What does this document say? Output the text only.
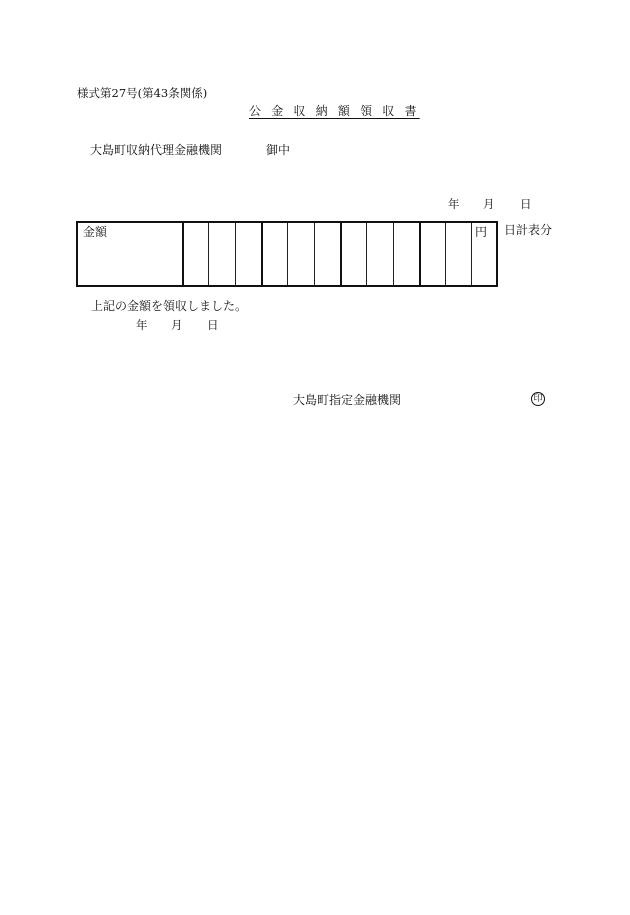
様式第27号(第43条関係)
公 金 収 納 額 領 収 書
大島町収納代理金融機関	御中
年 月 日
金額	円 日計表分
上記の金額を領収しました。
年 月 日
大島町指定金融機関	印
